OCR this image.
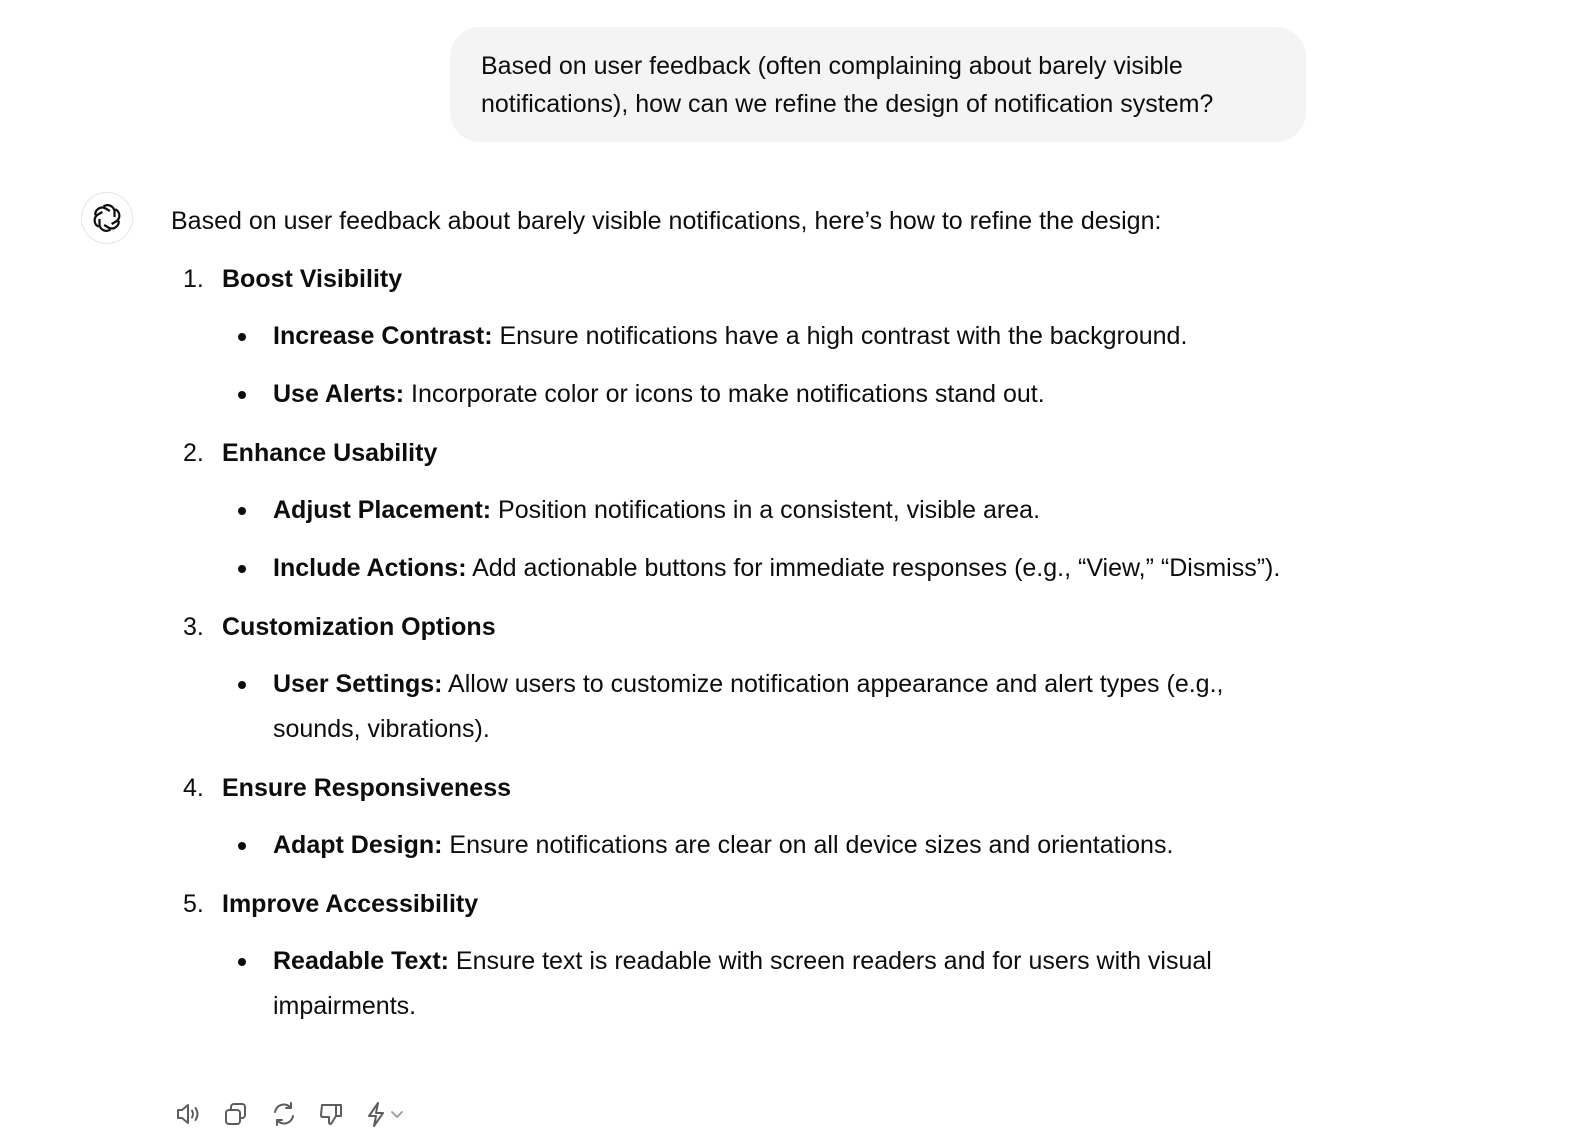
Based on user feedback (often complaining about barely visible notifications), how can we refine the design of notification system?

Based on user feedback about barely visible notifications, here’s how to refine the design:

1. Boost Visibility
Increase Contrast: Ensure notifications have a high contrast with the background.
Use Alerts: Incorporate color or icons to make notifications stand out.
2. Enhance Usability
Adjust Placement: Position notifications in a consistent, visible area.
Include Actions: Add actionable buttons for immediate responses (e.g., “View,” “Dismiss”).
3. Customization Options
User Settings: Allow users to customize notification appearance and alert types (e.g., sounds, vibrations).
4. Ensure Responsiveness
Adapt Design: Ensure notifications are clear on all device sizes and orientations.
5. Improve Accessibility
Readable Text: Ensure text is readable with screen readers and for users with visual impairments.
